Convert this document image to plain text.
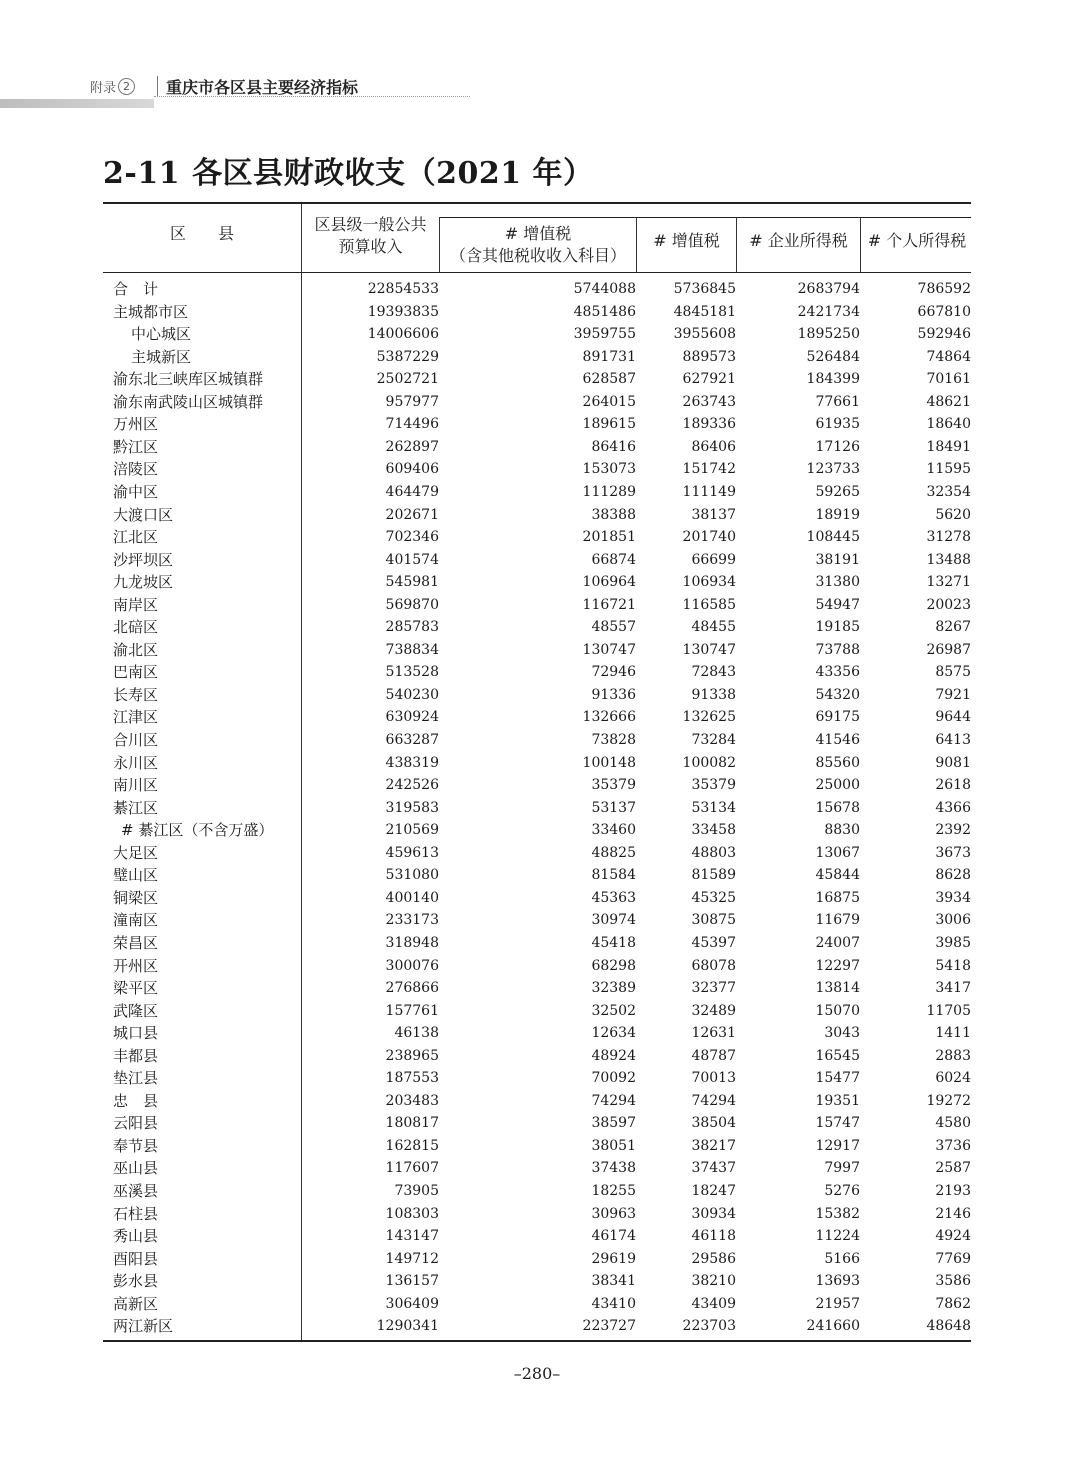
附录 2	重庆市各区县主要经济指标
2-11 各区县财政收支（2021 年）
区　　县	区县级一般公共
预算收入
# 增值税
（含其他税收收入科目）
# 增值税 # 企业所得税 # 个人所得税
合　计	22854533	5744088	5736845	2683794	786592
主城都市区	19393835	4851486	4845181	2421734	667810
中心城区	14006606	3959755	3955608	1895250	592946
主城新区	5387229	891731	889573	526484	74864
渝东北三峡库区城镇群	2502721	628587	627921	184399	70161
渝东南武陵山区城镇群	957977	264015	263743	77661	48621
万州区	714496	189615	189336	61935	18640
黔江区	262897	86416	86406	17126	18491
涪陵区	609406	153073	151742	123733	11595
渝中区	464479	111289	111149	59265	32354
大渡口区	202671	38388	38137	18919	5620
江北区	702346	201851	201740	108445	31278
沙坪坝区	401574	66874	66699	38191	13488
九龙坡区	545981	106964	106934	31380	13271
南岸区	569870	116721	116585	54947	20023
北碚区	285783	48557	48455	19185	8267
渝北区	738834	130747	130747	73788	26987
巴南区	513528	72946	72843	43356	8575
长寿区	540230	91336	91338	54320	7921
江津区	630924	132666	132625	69175	9644
合川区	663287	73828	73284	41546	6413
永川区	438319	100148	100082	85560	9081
南川区	242526	35379	35379	25000	2618
綦江区	319583	53137	53134	15678	4366
# 綦江区（不含万盛）	210569	33460	33458	8830	2392
大足区	459613	48825	48803	13067	3673
璧山区	531080	81584	81589	45844	8628
铜梁区	400140	45363	45325	16875	3934
潼南区	233173	30974	30875	11679	3006
荣昌区	318948	45418	45397	24007	3985
开州区	300076	68298	68078	12297	5418
梁平区	276866	32389	32377	13814	3417
武隆区	157761	32502	32489	15070	11705
城口县	46138	12634	12631	3043	1411
丰都县	238965	48924	48787	16545	2883
垫江县	187553	70092	70013	15477	6024
忠　县	203483	74294	74294	19351	19272
云阳县	180817	38597	38504	15747	4580
奉节县	162815	38051	38217	12917	3736
巫山县	117607	37438	37437	7997	2587
巫溪县	73905	18255	18247	5276	2193
石柱县	108303	30963	30934	15382	2146
秀山县	143147	46174	46118	11224	4924
酉阳县	149712	29619	29586	5166	7769
彭水县	136157	38341	38210	13693	3586
高新区	306409	43410	43409	21957	7862
两江新区	1290341	223727	223703	241660	48648
–280–
